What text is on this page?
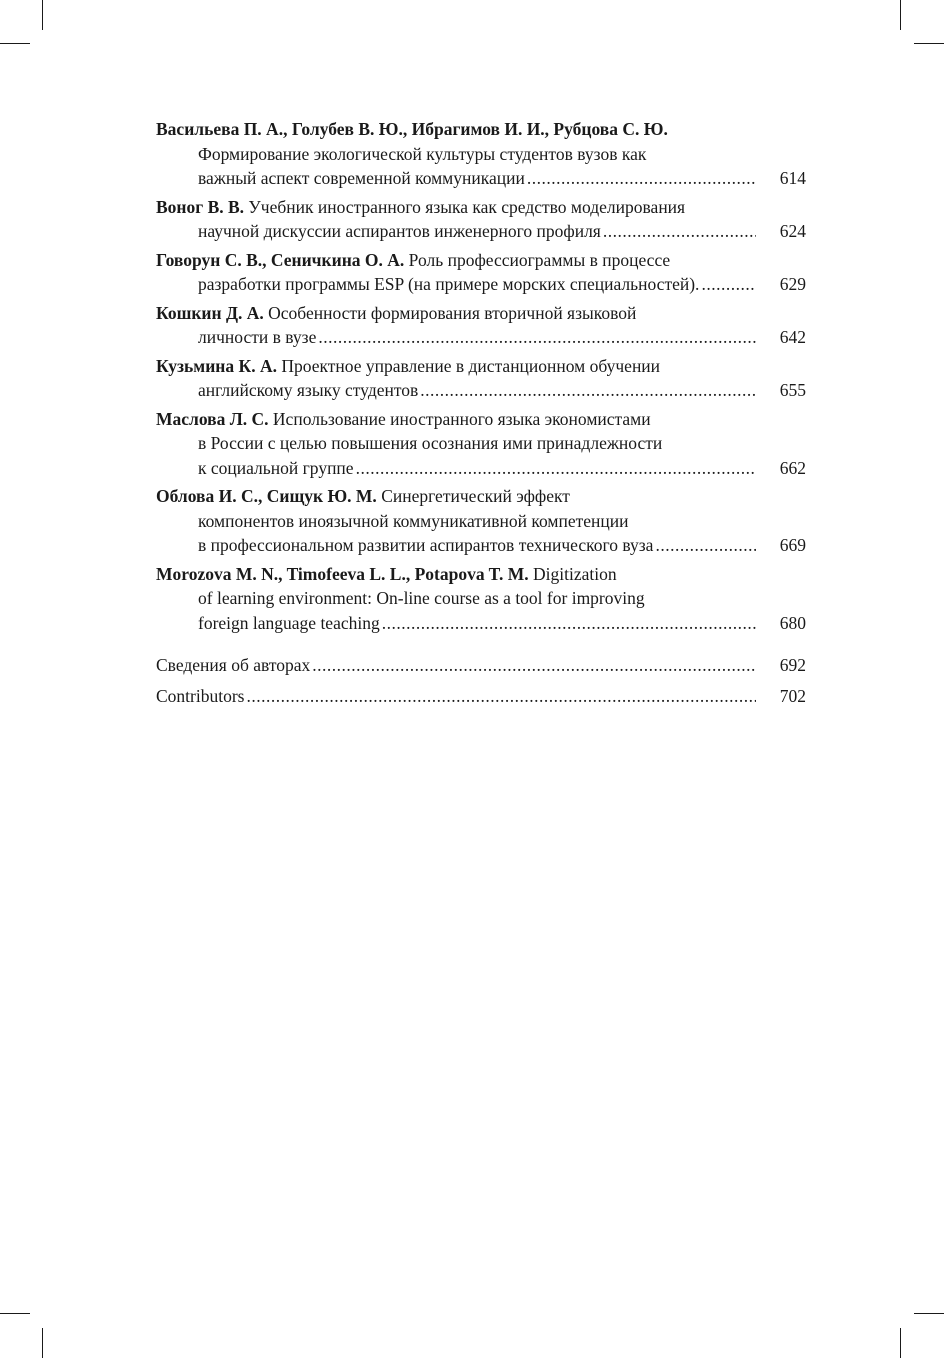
Васильева П. А., Голубев В. Ю., Ибрагимов И. И., Рубцова С. Ю.
Формирование экологической культуры студентов вузов как
важный аспект современной коммуникации .....	614
Воног В. В. Учебник иностранного языка как средство моделирования
научной дискуссии аспирантов инженерного профиля .....	624
Говорун С. В., Сеничкина О. А. Роль профессиограммы в процессе
разработки программы ESP (на примере морских специальностей). .....	629
Кошкин Д. А. Особенности формирования вторичной языковой
личности в вузе .....	642
Кузьмина К. А. Проектное управление в дистанционном обучении
английскому языку студентов .....	655
Маслова Л. С. Использование иностранного языка экономистами
в России с целью повышения осознания ими принадлежности
к социальной группе .....	662
Облова И. С., Сищук Ю. М. Синергетический эффект
компонентов иноязычной коммуникативной компетенции
в профессиональном развитии аспирантов технического вуза .....	669
Morozova M. N., Timofeeva L. L., Potapova T. M. Digitization
of learning environment: On-line course as a tool for improving
foreign language teaching .....	680
Сведения об авторах .....	692
Contributors .....	702
